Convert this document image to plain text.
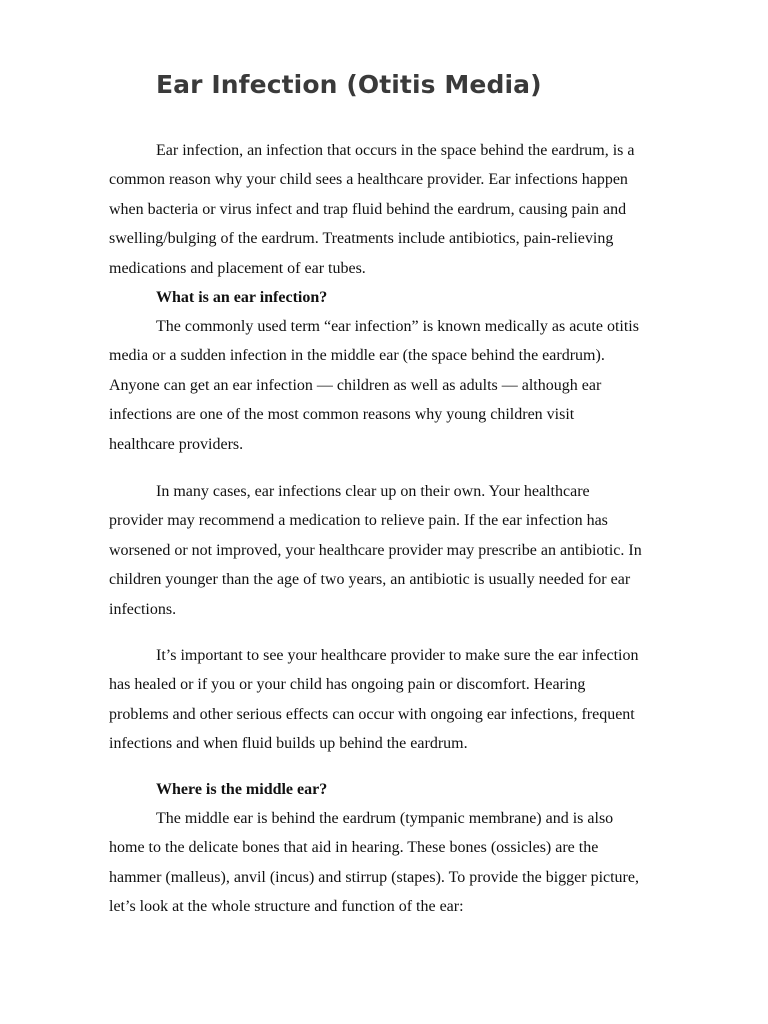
Ear Infection (Otitis Media)

Ear infection, an infection that occurs in the space behind the eardrum, is a
common reason why your child sees a healthcare provider. Ear infections happen
when bacteria or virus infect and trap fluid behind the eardrum, causing pain and
swelling/bulging of the eardrum. Treatments include antibiotics, pain-relieving
medications and placement of ear tubes.

What is an ear infection?

The commonly used term “ear infection” is known medically as acute otitis
media or a sudden infection in the middle ear (the space behind the eardrum).
Anyone can get an ear infection — children as well as adults — although ear
infections are one of the most common reasons why young children visit
healthcare providers.

In many cases, ear infections clear up on their own. Your healthcare
provider may recommend a medication to relieve pain. If the ear infection has
worsened or not improved, your healthcare provider may prescribe an antibiotic. In
children younger than the age of two years, an antibiotic is usually needed for ear
infections.

It’s important to see your healthcare provider to make sure the ear infection
has healed or if you or your child has ongoing pain or discomfort. Hearing
problems and other serious effects can occur with ongoing ear infections, frequent
infections and when fluid builds up behind the eardrum.

Where is the middle ear?

The middle ear is behind the eardrum (tympanic membrane) and is also
home to the delicate bones that aid in hearing. These bones (ossicles) are the
hammer (malleus), anvil (incus) and stirrup (stapes). To provide the bigger picture,
let’s look at the whole structure and function of the ear:
